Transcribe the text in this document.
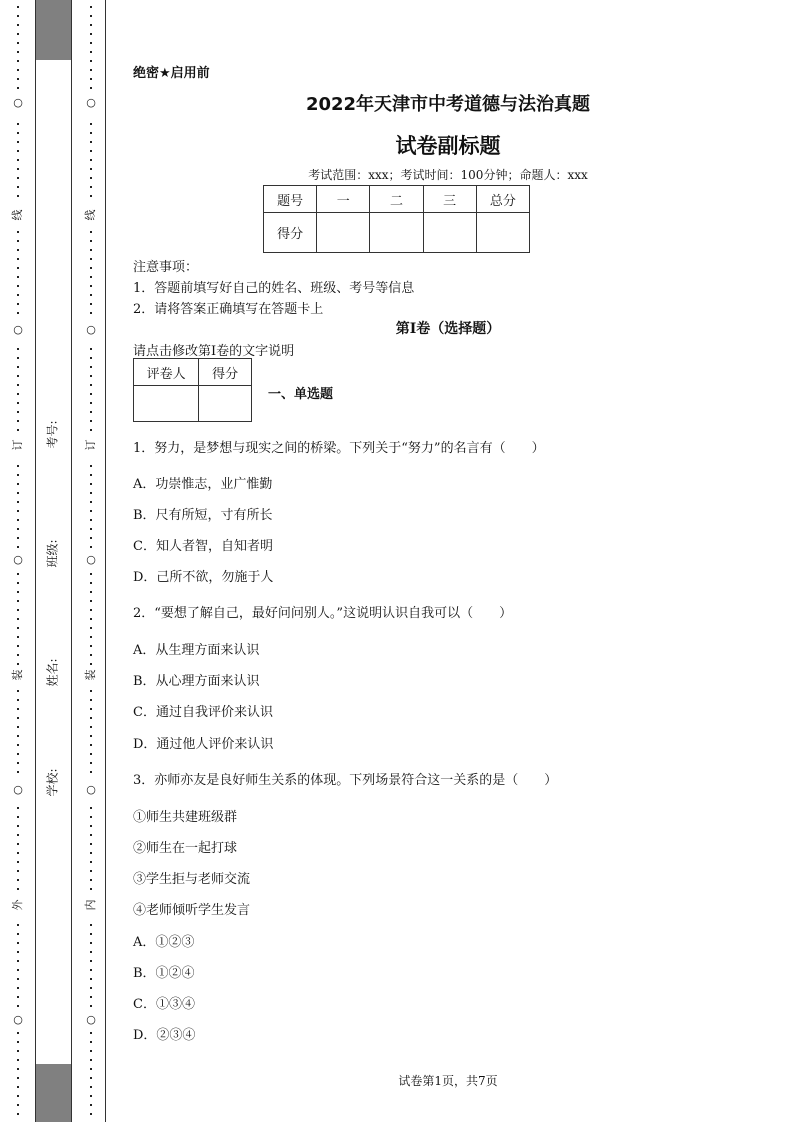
○
线
○
订
○
装
○
外
○
○
线
○
订
○
装
○
内
○
考号:
班级:
姓名:
学校:
绝密★启用前
2022年天津市中考道德与法治真题
试卷副标题
考试范围：xxx；考试时间：100分钟；命题人：xxx
题号	一	二	三	总分
得分				
注意事项：
1．答题前填写好自己的姓名、班级、考号等信息
2．请将答案正确填写在答题卡上
第I卷（选择题）
请点击修改第I卷的文字说明
评卷人	得分

一、单选题
1．努力，是梦想与现实之间的桥梁。下列关于“努力”的名言有（　　）
A．功崇惟志，业广惟勤
B．尺有所短，寸有所长
C．知人者智，自知者明
D．己所不欲，勿施于人
2．“要想了解自己，最好问问别人。”这说明认识自我可以（　　）
A．从生理方面来认识
B．从心理方面来认识
C．通过自我评价来认识
D．通过他人评价来认识
3．亦师亦友是良好师生关系的体现。下列场景符合这一关系的是（　　）
①师生共建班级群
②师生在一起打球
③学生拒与老师交流
④老师倾听学生发言
A．①②③
B．①②④
C．①③④
D．②③④
试卷第1页，共7页
